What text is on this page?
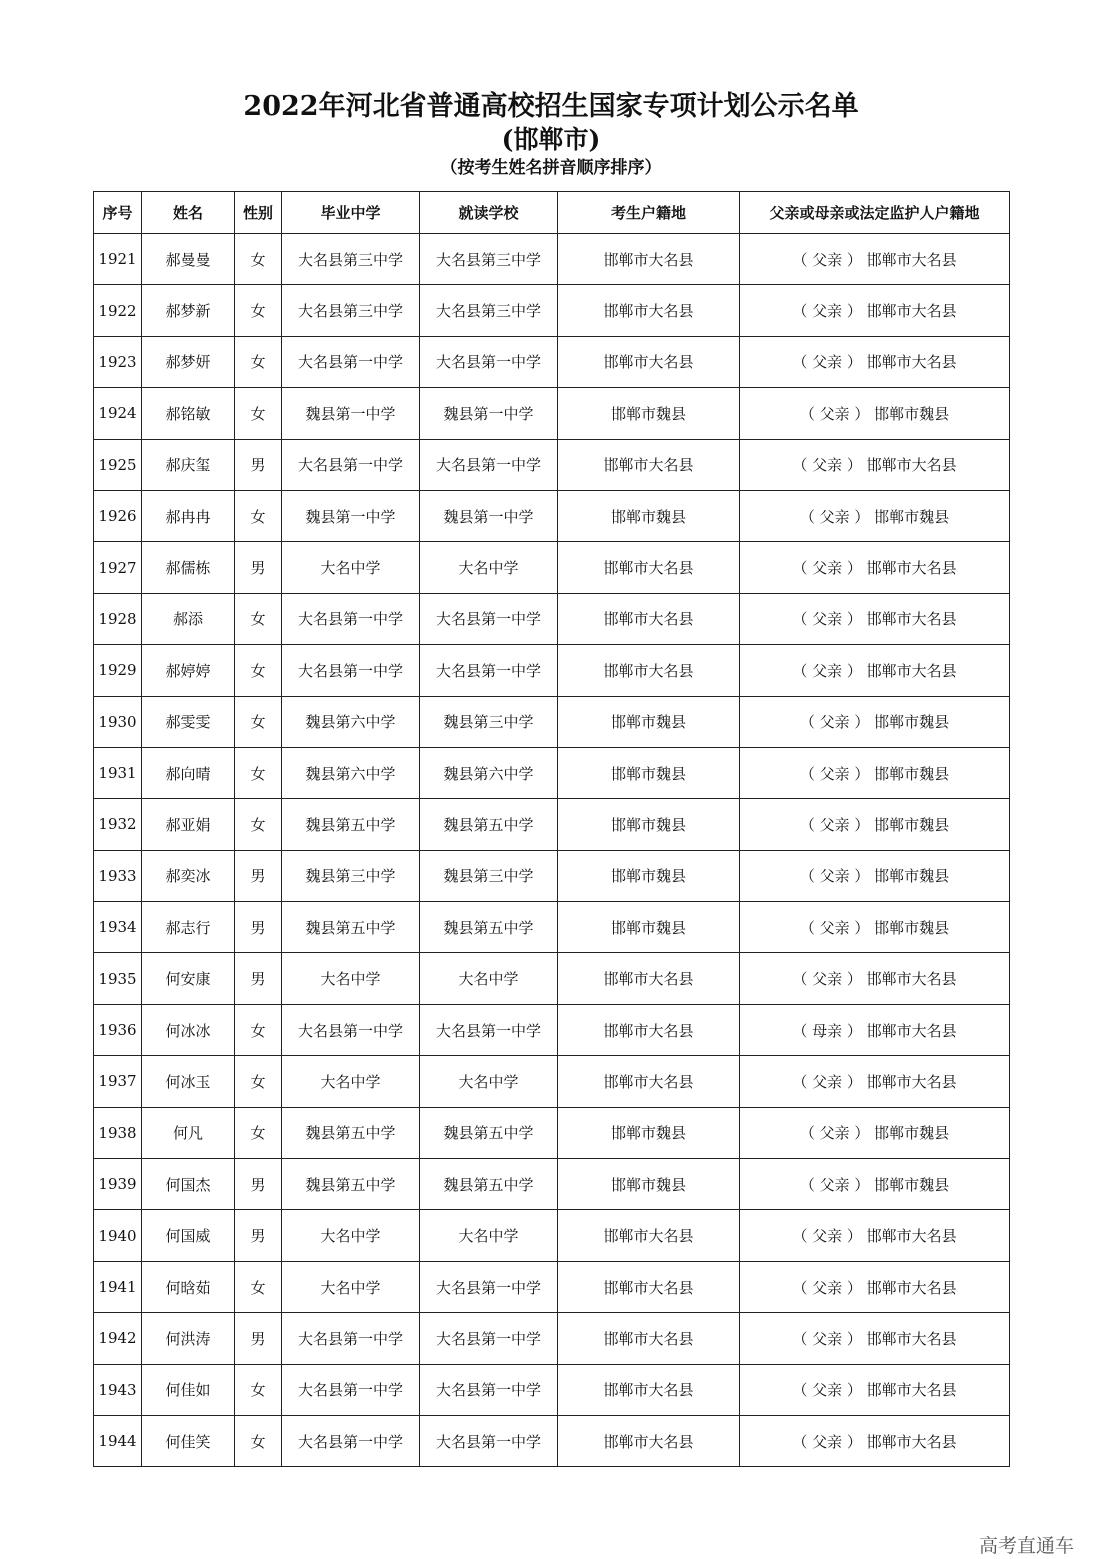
2022年河北省普通高校招生国家专项计划公示名单
(邯郸市)
（按考生姓名拼音顺序排序）
序号	姓名	性别	毕业中学	就读学校	考生户籍地	父亲或母亲或法定监护人户籍地
1921	郝曼曼	女	大名县第三中学	大名县第三中学	邯郸市大名县	（ 父亲 ） 邯郸市大名县
1922	郝梦新	女	大名县第三中学	大名县第三中学	邯郸市大名县	（ 父亲 ） 邯郸市大名县
1923	郝梦妍	女	大名县第一中学	大名县第一中学	邯郸市大名县	（ 父亲 ） 邯郸市大名县
1924	郝铭敏	女	魏县第一中学	魏县第一中学	邯郸市魏县	（ 父亲 ） 邯郸市魏县
1925	郝庆玺	男	大名县第一中学	大名县第一中学	邯郸市大名县	（ 父亲 ） 邯郸市大名县
1926	郝冉冉	女	魏县第一中学	魏县第一中学	邯郸市魏县	（ 父亲 ） 邯郸市魏县
1927	郝儒栋	男	大名中学	大名中学	邯郸市大名县	（ 父亲 ） 邯郸市大名县
1928	郝添	女	大名县第一中学	大名县第一中学	邯郸市大名县	（ 父亲 ） 邯郸市大名县
1929	郝婷婷	女	大名县第一中学	大名县第一中学	邯郸市大名县	（ 父亲 ） 邯郸市大名县
1930	郝雯雯	女	魏县第六中学	魏县第三中学	邯郸市魏县	（ 父亲 ） 邯郸市魏县
1931	郝向晴	女	魏县第六中学	魏县第六中学	邯郸市魏县	（ 父亲 ） 邯郸市魏县
1932	郝亚娟	女	魏县第五中学	魏县第五中学	邯郸市魏县	（ 父亲 ） 邯郸市魏县
1933	郝奕冰	男	魏县第三中学	魏县第三中学	邯郸市魏县	（ 父亲 ） 邯郸市魏县
1934	郝志行	男	魏县第五中学	魏县第五中学	邯郸市魏县	（ 父亲 ） 邯郸市魏县
1935	何安康	男	大名中学	大名中学	邯郸市大名县	（ 父亲 ） 邯郸市大名县
1936	何冰冰	女	大名县第一中学	大名县第一中学	邯郸市大名县	（ 母亲 ） 邯郸市大名县
1937	何冰玉	女	大名中学	大名中学	邯郸市大名县	（ 父亲 ） 邯郸市大名县
1938	何凡	女	魏县第五中学	魏县第五中学	邯郸市魏县	（ 父亲 ） 邯郸市魏县
1939	何国杰	男	魏县第五中学	魏县第五中学	邯郸市魏县	（ 父亲 ） 邯郸市魏县
1940	何国威	男	大名中学	大名中学	邯郸市大名县	（ 父亲 ） 邯郸市大名县
1941	何晗茹	女	大名中学	大名县第一中学	邯郸市大名县	（ 父亲 ） 邯郸市大名县
1942	何洪涛	男	大名县第一中学	大名县第一中学	邯郸市大名县	（ 父亲 ） 邯郸市大名县
1943	何佳如	女	大名县第一中学	大名县第一中学	邯郸市大名县	（ 父亲 ） 邯郸市大名县
1944	何佳笑	女	大名县第一中学	大名县第一中学	邯郸市大名县	（ 父亲 ） 邯郸市大名县
高考直通车
